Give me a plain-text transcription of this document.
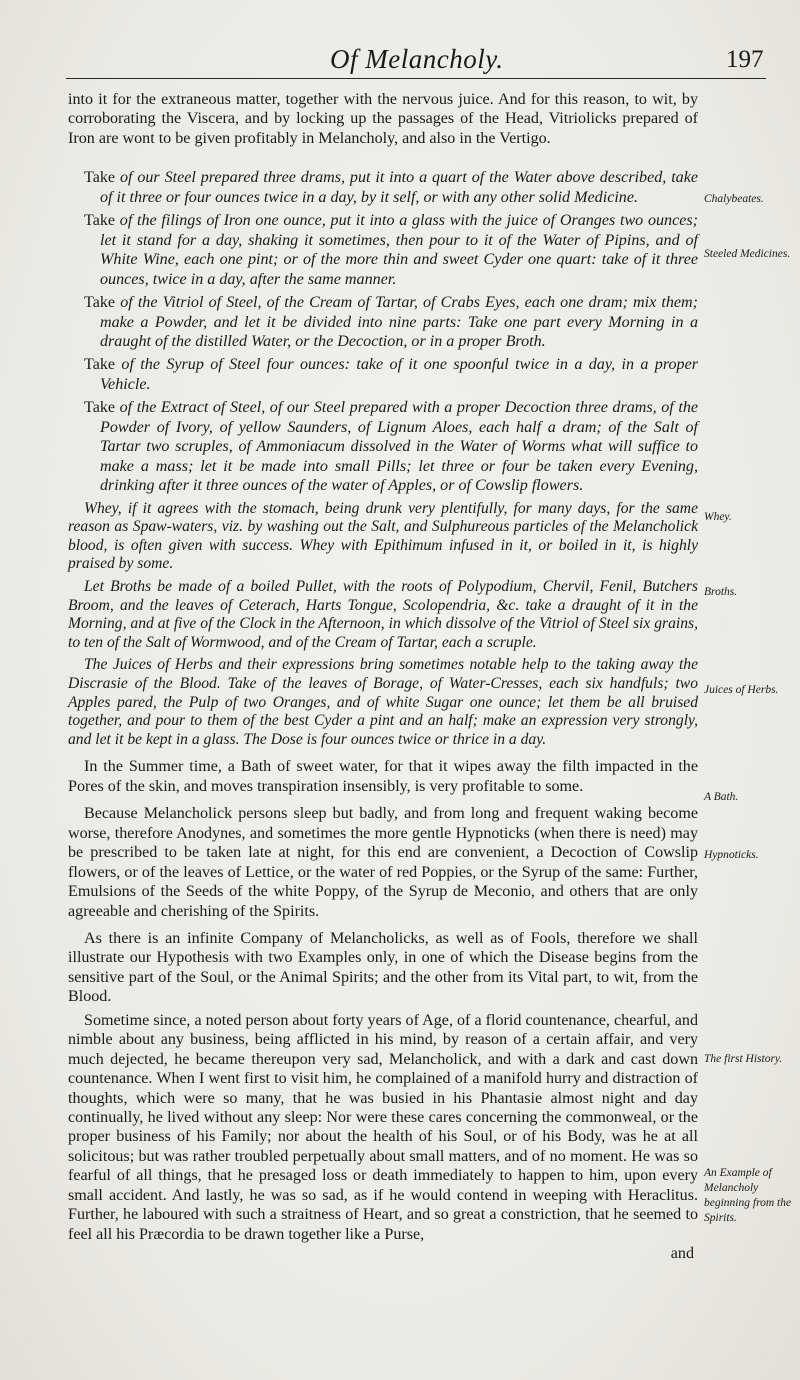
Of Melancholy.	197

into it for the extraneous matter, together with the nervous juice. And for this reason, to wit, by corroborating the Viscera, and by locking up the passages of the Head, Vitriolicks prepared of Iron are wont to be given profitably in Melancholy, and also in the Vertigo.

Take of our Steel prepared three drams, put it into a quart of the Water above described, take of it three or four ounces twice in a day, by it self, or with any other solid Medicine.

Take of the filings of Iron one ounce, put it into a glass with the juice of Oranges two ounces; let it stand for a day, shaking it sometimes, then pour to it of the Water of Pipins, and of White Wine, each one pint; or of the more thin and sweet Cyder one quart: take of it three ounces, twice in a day, after the same manner.

Take of the Vitriol of Steel, of the Cream of Tartar, of Crabs Eyes, each one dram; mix them; make a Powder, and let it be divided into nine parts: Take one part every Morning in a draught of the distilled Water, or the Decoction, or in a proper Broth.

Take of the Syrup of Steel four ounces: take of it one spoonful twice in a day, in a proper Vehicle.

Take of the Extract of Steel, of our Steel prepared with a proper Decoction three drams, of the Powder of Ivory, of yellow Saunders, of Lignum Aloes, each half a dram; of the Salt of Tartar two scruples, of Ammoniacum dissolved in the Water of Worms what will suffice to make a mass; let it be made into small Pills; let three or four be taken every Evening, drinking after it three ounces of the water of Apples, or of Cowslip flowers.

Whey, if it agrees with the stomach, being drunk very plentifully, for many days, for the same reason as Spaw-waters, viz. by washing out the Salt, and Sulphureous particles of the Melancholick blood, is often given with success. Whey with Epithimum infused in it, or boiled in it, is highly praised by some.

Let Broths be made of a boiled Pullet, with the roots of Polypodium, Chervil, Fenil, Butchers Broom, and the leaves of Ceterach, Harts Tongue, Scolopendria, &c. take a draught of it in the Morning, and at five of the Clock in the Afternoon, in which dissolve of the Vitriol of Steel six grains, to ten of the Salt of Wormwood, and of the Cream of Tartar, each a scruple.

The Juices of Herbs and their expressions bring sometimes notable help to the taking away the Discrasie of the Blood. Take of the leaves of Borage, of Water-Cresses, each six handfuls; two Apples pared, the Pulp of two Oranges, and of white Sugar one ounce; let them be all bruised together, and pour to them of the best Cyder a pint and an half; make an expression very strongly, and let it be kept in a glass. The Dose is four ounces twice or thrice in a day.

In the Summer time, a Bath of sweet water, for that it wipes away the filth impacted in the Pores of the skin, and moves transpiration insensibly, is very profitable to some.

Because Melancholick persons sleep but badly, and from long and frequent waking become worse, therefore Anodynes, and sometimes the more gentle Hypnoticks (when there is need) may be prescribed to be taken late at night, for this end are convenient, a Decoction of Cowslip flowers, or of the leaves of Lettice, or the water of red Poppies, or the Syrup of the same: Further, Emulsions of the Seeds of the white Poppy, of the Syrup de Meconio, and others that are only agreeable and cherishing of the Spirits.

As there is an infinite Company of Melancholicks, as well as of Fools, therefore we shall illustrate our Hypothesis with two Examples only, in one of which the Disease begins from the sensitive part of the Soul, or the Animal Spirits; and the other from its Vital part, to wit, from the Blood.

Sometime since, a noted person about forty years of Age, of a florid countenance, chearful, and nimble about any business, being afflicted in his mind, by reason of a certain affair, and very much dejected, he became thereupon very sad, Melancholick, and with a dark and cast down countenance. When I went first to visit him, he complained of a manifold hurry and distraction of thoughts, which were so many, that he was busied in his Phantasie almost night and day continually, he lived without any sleep: Nor were these cares concerning the commonweal, or the proper business of his Family; nor about the health of his Soul, or of his Body, was he at all solicitous; but was rather troubled perpetually about small matters, and of no moment. He was so fearful of all things, that he presaged loss or death immediately to happen to him, upon every small accident. And lastly, he was so sad, as if he would contend in weeping with Heraclitus. Further, he laboured with such a straitness of Heart, and so great a constriction, that he seemed to feel all his Præcordia to be drawn together like a Purse,

and

Chalybeates.
Steeled Medicines.
Whey.
Broths.
Juices of Herbs.
A Bath.
Hypnoticks.
The first History.
An Example of Melancholy beginning from the Spirits.
